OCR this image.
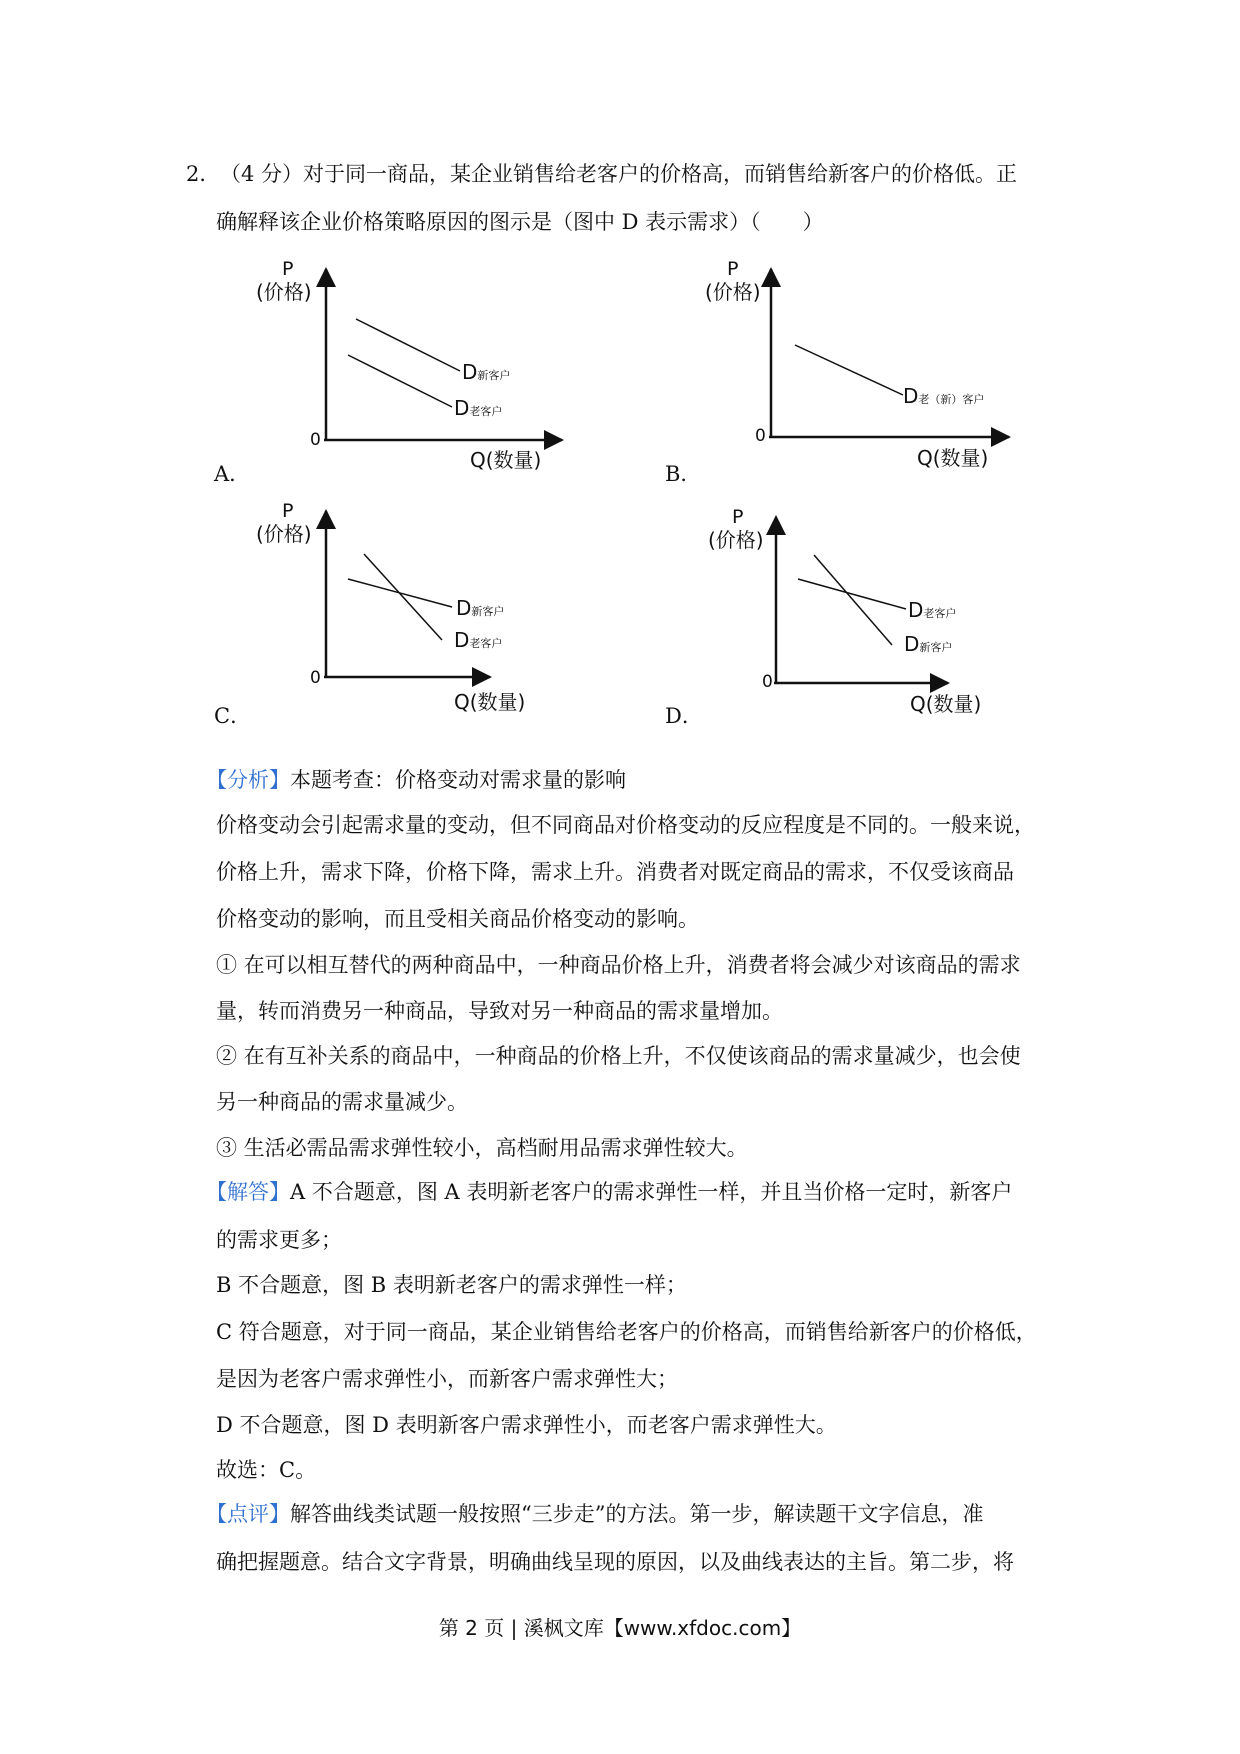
2． （4 分）对于同一商品，某企业销售给老客户的价格高，而销售给新客户的价格低。正
确解释该企业价格策略原因的图示是（图中 D 表示需求）（　　）
P
(价格)
0
Q(数量)
D新客户
D老客户
A．
P
(价格)
0
Q(数量)
D老（新）客户
B．
P
(价格)
0
Q(数量)
D新客户
D老客户
C．
P
(价格)
0
Q(数量)
D老客户
D新客户
D．
【分析】本题考查：价格变动对需求量的影响
价格变动会引起需求量的变动，但不同商品对价格变动的反应程度是不同的。一般来说，
价格上升，需求下降，价格下降，需求上升。消费者对既定商品的需求，不仅受该商品
价格变动的影响，而且受相关商品价格变动的影响。
① 在可以相互替代的两种商品中，一种商品价格上升，消费者将会减少对该商品的需求
量，转而消费另一种商品，导致对另一种商品的需求量增加。
② 在有互补关系的商品中，一种商品的价格上升，不仅使该商品的需求量减少，也会使
另一种商品的需求量减少。
③ 生活必需品需求弹性较小，高档耐用品需求弹性较大。
【解答】A 不合题意，图 A 表明新老客户的需求弹性一样，并且当价格一定时，新客户
的需求更多；
B 不合题意，图 B 表明新老客户的需求弹性一样；
C 符合题意，对于同一商品，某企业销售给老客户的价格高，而销售给新客户的价格低，
是因为老客户需求弹性小，而新客户需求弹性大；
D 不合题意，图 D 表明新客户需求弹性小，而老客户需求弹性大。
故选：C。
【点评】解答曲线类试题一般按照“三步走”的方法。第一步，解读题干文字信息，准
确把握题意。结合文字背景，明确曲线呈现的原因，以及曲线表达的主旨。第二步，将
第 2 页 | 溪枫文库【www.xfdoc.com】
